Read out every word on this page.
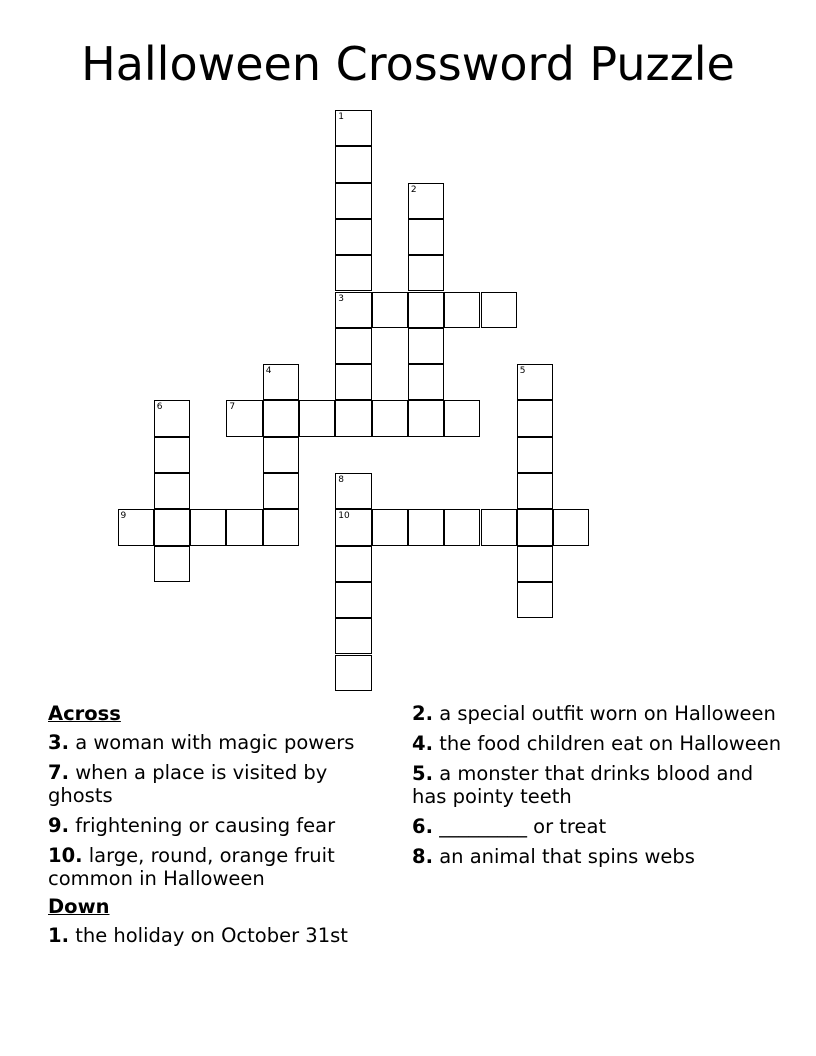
Halloween Crossword Puzzle
1
3
2
4	5
6	7
8
10
9
Across
3. a woman with magic powers
7. when a place is visited by ghosts
9. frightening or causing fear
10. large, round, orange fruit common in Halloween
Down
1. the holiday on October 31st
2. a special outfit worn on Halloween
4. the food children eat on Halloween
5. a monster that drinks blood and has pointy teeth
6. _________ or treat
8. an animal that spins webs
